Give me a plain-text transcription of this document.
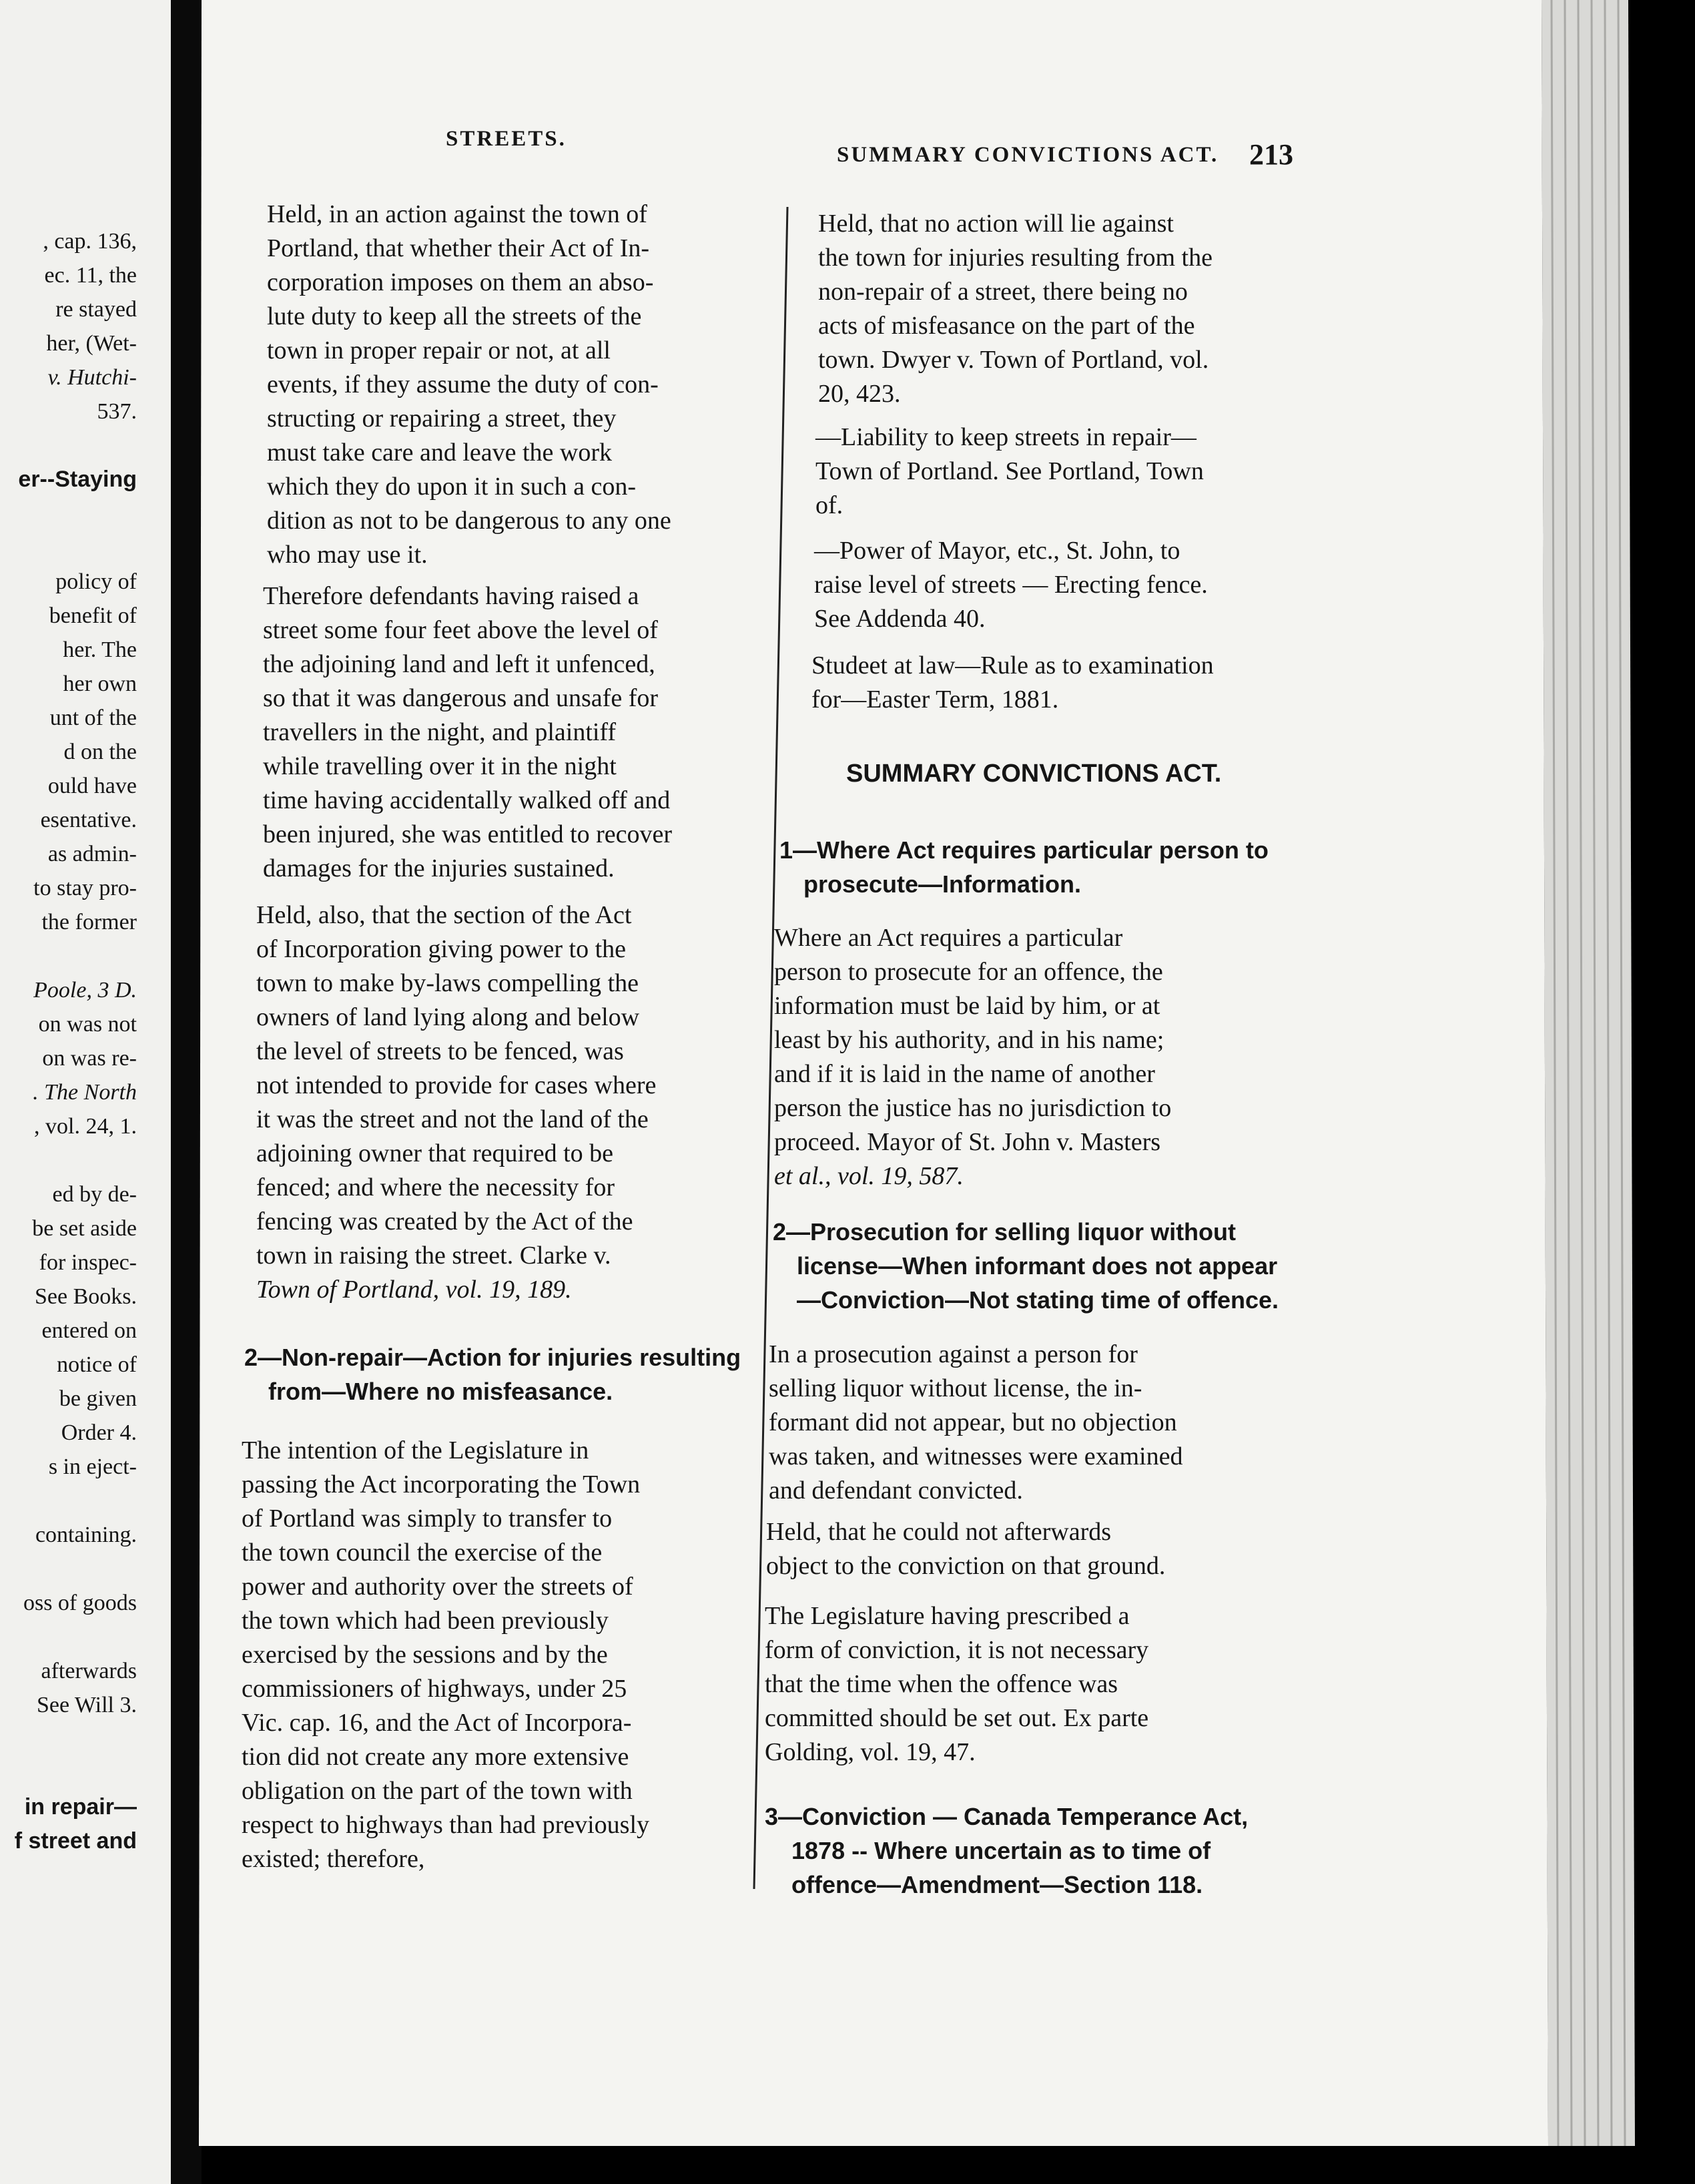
STREETS.
SUMMARY CONVICTIONS ACT. 213
, cap. 136,
ec. 11, the
re stayed
her, (Wet-
v. Hutchi-
537.
er--Staying
policy of
benefit of
her. The
her own
unt of the
d on the
ould have
esentative.
as admin-
to stay pro-
the former
Poole, 3 D.
on was not
on was re-
. The North
, vol. 24, 1.
ed by de-
be set aside
for inspec-
See Books.
entered on
notice of
be given
Order 4.
s in eject-
containing.
oss of goods
afterwards
See Will 3.
in repair—
f street and
Held, in an action against the town of
Portland, that whether their Act of In-
corporation imposes on them an abso-
lute duty to keep all the streets of the
town in proper repair or not, at all
events, if they assume the duty of con-
structing or repairing a street, they
must take care and leave the work
which they do upon it in such a con-
dition as not to be dangerous to any one
who may use it.
Therefore defendants having raised a
street some four feet above the level of
the adjoining land and left it unfenced,
so that it was dangerous and unsafe for
travellers in the night, and plaintiff
while travelling over it in the night
time having accidentally walked off and
been injured, she was entitled to recover
damages for the injuries sustained.
Held, also, that the section of the Act
of Incorporation giving power to the
town to make by-laws compelling the
owners of land lying along and below
the level of streets to be fenced, was
not intended to provide for cases where
it was the street and not the land of the
adjoining owner that required to be
fenced; and where the necessity for
fencing was created by the Act of the
town in raising the street. Clarke v.
Town of Portland, vol. 19, 189.
2—Non-repair—Action for injuries resulting
from—Where no misfeasance.
The intention of the Legislature in
passing the Act incorporating the Town
of Portland was simply to transfer to
the town council the exercise of the
power and authority over the streets of
the town which had been previously
exercised by the sessions and by the
commissioners of highways, under 25
Vic. cap. 16, and the Act of Incorpora-
tion did not create any more extensive
obligation on the part of the town with
respect to highways than had previously
existed; therefore,
Held, that no action will lie against
the town for injuries resulting from the
non-repair of a street, there being no
acts of misfeasance on the part of the
town. Dwyer v. Town of Portland, vol.
20, 423.
—Liability to keep streets in repair—
Town of Portland. See Portland, Town
of.
—Power of Mayor, etc., St. John, to
raise level of streets — Erecting fence.
See Addenda 40.
Studeet at law—Rule as to examination
for—Easter Term, 1881.
SUMMARY CONVICTIONS ACT.
1—Where Act requires particular person to
prosecute—Information.
Where an Act requires a particular
person to prosecute for an offence, the
information must be laid by him, or at
least by his authority, and in his name;
and if it is laid in the name of another
person the justice has no jurisdiction to
proceed. Mayor of St. John v. Masters
et al., vol. 19, 587.
2—Prosecution for selling liquor without
license—When informant does not appear
—Conviction—Not stating time of offence.
In a prosecution against a person for
selling liquor without license, the in-
formant did not appear, but no objection
was taken, and witnesses were examined
and defendant convicted.
Held, that he could not afterwards
object to the conviction on that ground.
The Legislature having prescribed a
form of conviction, it is not necessary
that the time when the offence was
committed should be set out. Ex parte
Golding, vol. 19, 47.
3—Conviction — Canada Temperance Act,
1878 -- Where uncertain as to time of
offence—Amendment—Section 118.
